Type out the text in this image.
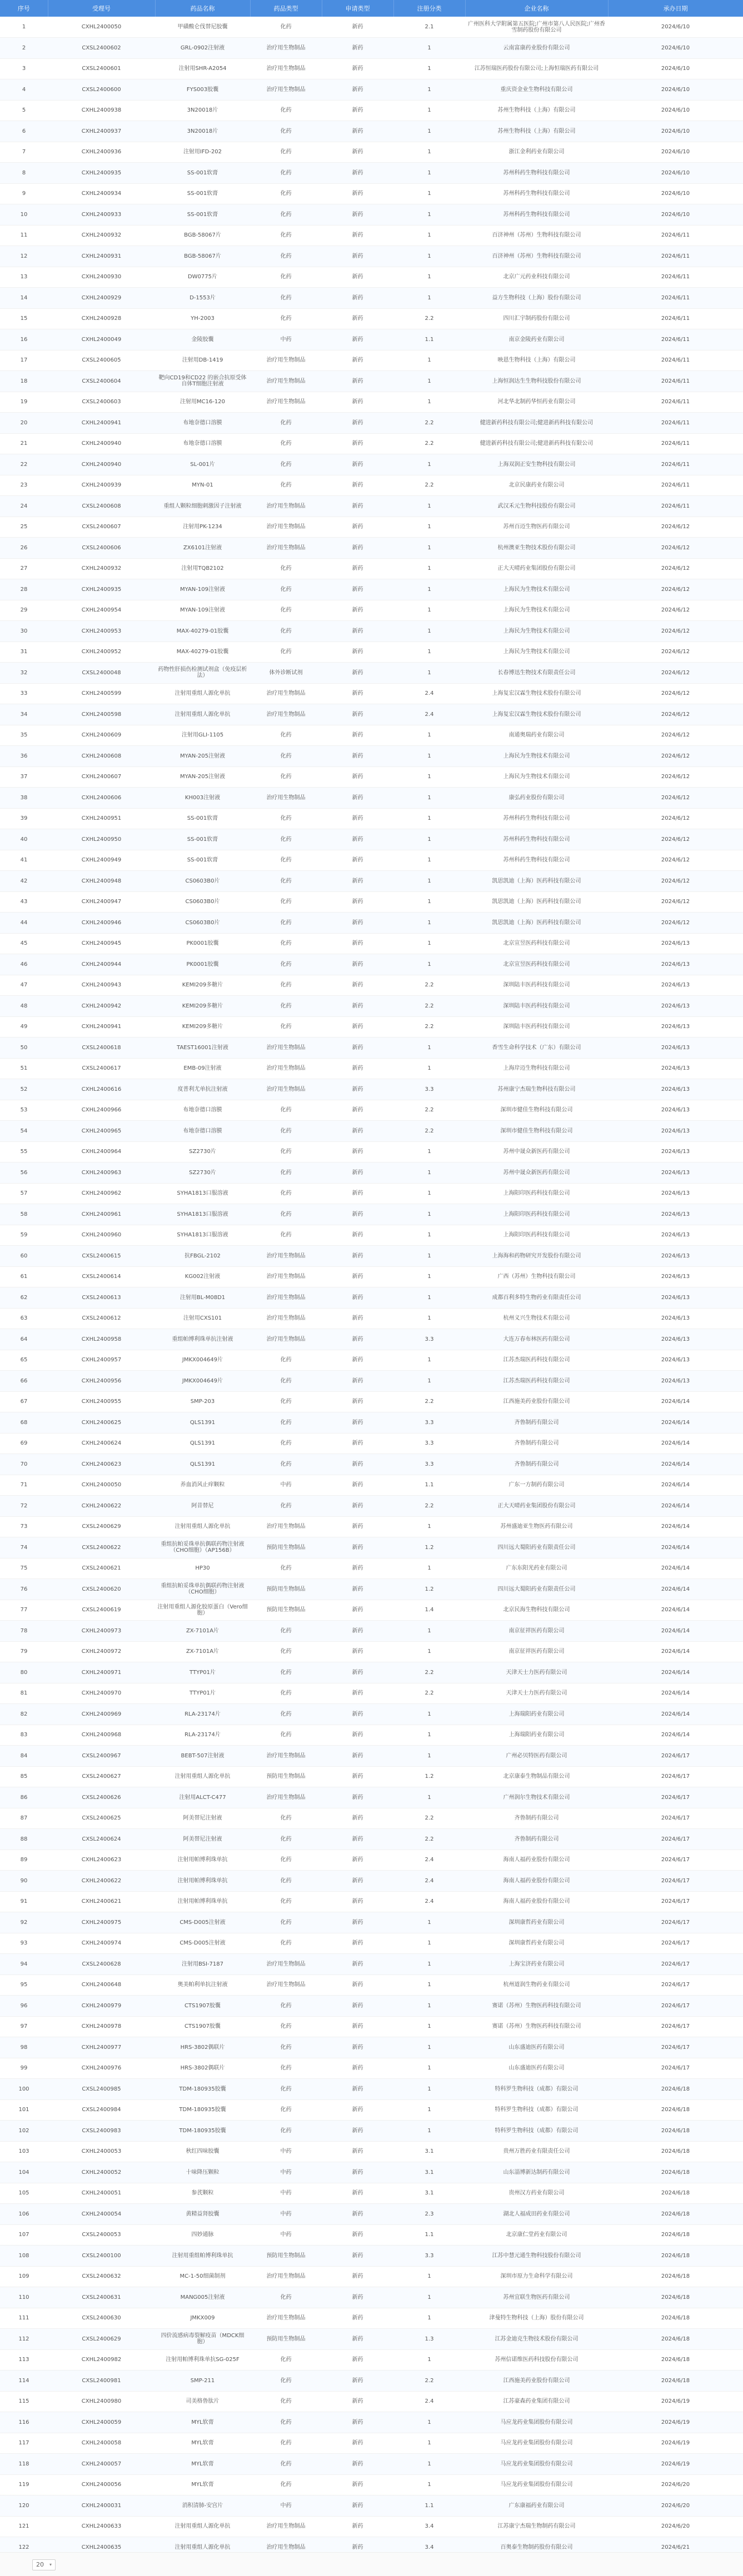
序号	受理号	药品名称	药品类型	申请类型	注册分类	企业名称	承办日期
1	CXHL2400050	甲磺酸仑伐替尼胶囊	化药	新药	2.1	广州医科大学附属第五医院;广州市第八人民医院;广州香雪制药股份有限公司	2024/6/10
2	CXSL2400602	GRL-0902注射液	治疗用生物制品	新药	1	云南富康药业股份有限公司	2024/6/10
3	CXSL2400601	注射用SHR-A2054	治疗用生物制品	新药	1	江苏恒瑞医药股份有限公司;上海恒瑞医药有限公司	2024/6/10
4	CXSL2400600	FYS003胶囊	治疗用生物制品	新药	1	重庆资金业生物科技有限公司	2024/6/10
5	CXHL2400938	3N20018片	化药	新药	1	苏州生物科技（上海）有限公司	2024/6/10
6	CXHL2400937	3N20018片	化药	新药	1	苏州生物科技（上海）有限公司	2024/6/10
7	CXHL2400936	注射用IFD-202	化药	新药	1	浙江金利药业有限公司	2024/6/10
8	CXHL2400935	SS-001软膏	化药	新药	1	苏州科药生物科技有限公司	2024/6/10
9	CXHL2400934	SS-001软膏	化药	新药	1	苏州科药生物科技有限公司	2024/6/10
10	CXHL2400933	SS-001软膏	化药	新药	1	苏州科药生物科技有限公司	2024/6/10
11	CXHL2400932	BGB-58067片	化药	新药	1	百济神州（苏州）生物科技有限公司	2024/6/11
12	CXHL2400931	BGB-58067片	化药	新药	1	百济神州（苏州）生物科技有限公司	2024/6/11
13	CXHL2400930	DW0775片	化药	新药	1	北京广元药业科技有限公司	2024/6/11
14	CXHL2400929	D-1553片	化药	新药	1	益方生物科技（上海）股份有限公司	2024/6/11
15	CXHL2400928	YH-2003	化药	新药	2.2	四川汇宇制药股份有限公司	2024/6/11
16	CXHL2400049	金陵胶囊	中药	新药	1.1	南京金陵药业有限公司	2024/6/11
17	CXSL2400605	注射用DB-1419	治疗用生物制品	新药	1	映恩生物科技（上海）有限公司	2024/6/11
18	CXSL2400604	靶向CD19和CD22 的嵌合抗原受体自体T细胞注射液	治疗用生物制品	新药	1	上海恒润达生生物科技股份有限公司	2024/6/11
19	CXSL2400603	注射用MC16-120	治疗用生物制品	新药	1	河北华北制药华恒药业有限公司	2024/6/11
20	CXHL2400941	布地奈德口溶膜	化药	新药	2.2	健进新药科技有限公司;健进新药科技有限公司	2024/6/11
21	CXHL2400940	布地奈德口溶膜	化药	新药	2.2	健进新药科技有限公司;健进新药科技有限公司	2024/6/11
22	CXHL2400940	SL-001片	化药	新药	1	上海双润正安生物科技有限公司	2024/6/11
23	CXHL2400939	MYN-01	化药	新药	2.2	北京民康药业有限公司	2024/6/11
24	CXSL2400608	重组人颗粒细胞刺激因子注射液	治疗用生物制品	新药	1	武汉禾元生物科技股份有限公司	2024/6/11
25	CXSL2400607	注射用PK-1234	治疗用生物制品	新药	1	苏州百迈生物医药有限公司	2024/6/12
26	CXSL2400606	ZX6101注射液	治疗用生物制品	新药	1	杭州澳亚生物技术股份有限公司	2024/6/12
27	CXHL2400932	注射用TQB2102	化药	新药	1	正大天晴药业集团股份有限公司	2024/6/12
28	CXHL2400935	MYAN-109注射液	化药	新药	1	上海民为生物技术有限公司	2024/6/12
29	CXHL2400954	MYAN-109注射液	化药	新药	1	上海民为生物技术有限公司	2024/6/12
30	CXHL2400953	MAX-40279-01胶囊	化药	新药	1	上海民为生物技术有限公司	2024/6/12
31	CXHL2400952	MAX-40279-01胶囊	化药	新药	1	上海民为生物技术有限公司	2024/6/12
32	CXSL2400048	药物性肝损伤检测试剂盒（免疫层析法）	体外诊断试剂	新药	1	长春博迅生物技术有限责任公司	2024/6/12
33	CXHL2400599	注射用重组人源化单抗	治疗用生物制品	新药	2.4	上海复宏汉霖生物技术股份有限公司	2024/6/12
34	CXHL2400598	注射用重组人源化单抗	治疗用生物制品	新药	2.4	上海复宏汉霖生物技术股份有限公司	2024/6/12
35	CXHL2400609	注射用GLI-1105	化药	新药	1	南通奥瑞药业有限公司	2024/6/12
36	CXHL2400608	MYAN-205注射液	化药	新药	1	上海民为生物技术有限公司	2024/6/12
37	CXHL2400607	MYAN-205注射液	化药	新药	1	上海民为生物技术有限公司	2024/6/12
38	CXHL2400606	KH003注射液	治疗用生物制品	新药	1	康弘药业股份有限公司	2024/6/12
39	CXHL2400951	SS-001软膏	化药	新药	1	苏州科药生物科技有限公司	2024/6/12
40	CXHL2400950	SS-001软膏	化药	新药	1	苏州科药生物科技有限公司	2024/6/12
41	CXHL2400949	SS-001软膏	化药	新药	1	苏州科药生物科技有限公司	2024/6/12
42	CXHL2400948	CS0603B0片	化药	新药	1	凯思凯迪（上海）医药科技有限公司	2024/6/12
43	CXHL2400947	CS0603B0片	化药	新药	1	凯思凯迪（上海）医药科技有限公司	2024/6/12
44	CXHL2400946	CS0603B0片	化药	新药	1	凯思凯迪（上海）医药科技有限公司	2024/6/12
45	CXHL2400945	PK0001胶囊	化药	新药	1	北京宣昱医药科技有限公司	2024/6/13
46	CXHL2400944	PK0001胶囊	化药	新药	1	北京宣昱医药科技有限公司	2024/6/13
47	CXHL2400943	KEMI209多糖片	化药	新药	2.2	深圳陆丰医药科技有限公司	2024/6/13
48	CXHL2400942	KEMI209多糖片	化药	新药	2.2	深圳陆丰医药科技有限公司	2024/6/13
49	CXHL2400941	KEMI209多糖片	化药	新药	2.2	深圳陆丰医药科技有限公司	2024/6/13
50	CXSL2400618	TAEST16001注射液	治疗用生物制品	新药	1	香雪生命科学技术（广东）有限公司	2024/6/13
51	CXSL2400617	EMB-09注射液	治疗用生物制品	新药	1	上海岸迈生物科技有限公司	2024/6/13
52	CXHL2400616	度普利尤单抗注射液	治疗用生物制品	新药	3.3	苏州康宁杰瑞生物科技有限公司	2024/6/13
53	CXHL2400966	布地奈德口溶膜	化药	新药	2.2	深圳市健佳生物科技有限公司	2024/6/13
54	CXHL2400965	布地奈德口溶膜	化药	新药	2.2	深圳市健佳生物科技有限公司	2024/6/13
55	CXHL2400964	SZ2730片	化药	新药	1	苏州中晟众新医药有限公司	2024/6/13
56	CXHL2400963	SZ2730片	化药	新药	1	苏州中晟众新医药有限公司	2024/6/13
57	CXHL2400962	SYHA1813口服溶液	化药	新药	1	上海阳印医药科技有限公司	2024/6/13
58	CXHL2400961	SYHA1813口服溶液	化药	新药	1	上海阳印医药科技有限公司	2024/6/13
59	CXHL2400960	SYHA1813口服溶液	化药	新药	1	上海阳印医药科技有限公司	2024/6/13
60	CXSL2400615	抗FBGL-2102	治疗用生物制品	新药	1	上海海和药物研究开发股份有限公司	2024/6/13
61	CXSL2400614	KG002注射液	治疗用生物制品	新药	1	广西（苏州）生物科技有限公司	2024/6/13
62	CXSL2400613	注射用BL-M08D1	治疗用生物制品	新药	1	成都百利多特生物药业有限责任公司	2024/6/13
63	CXSL2400612	注射用CXS101	治疗用生物制品	新药	1	杭州义兴生物技术有限公司	2024/6/13
64	CXHL2400958	重组帕博利珠单抗注射液	治疗用生物制品	新药	3.3	大连万春布林医药有限公司	2024/6/13
65	CXHL2400957	JMKX004649片	化药	新药	1	江苏杰瑞医药科技有限公司	2024/6/13
66	CXHL2400956	JMKX004649片	化药	新药	1	江苏杰瑞医药科技有限公司	2024/6/13
67	CXHL2400955	SMP-203	化药	新药	2.2	江西施美药业股份有限公司	2024/6/14
68	CXHL2400625	QLS1391	化药	新药	3.3	齐鲁制药有限公司	2024/6/14
69	CXHL2400624	QLS1391	化药	新药	3.3	齐鲁制药有限公司	2024/6/14
70	CXHL2400623	QLS1391	化药	新药	3.3	齐鲁制药有限公司	2024/6/14
71	CXHL2400050	养血消风止痒颗粒	中药	新药	1.1	广东一方制药有限公司	2024/6/14
72	CXHL2400622	阿昔替尼	化药	新药	2.2	正大天晴药业集团股份有限公司	2024/6/14
73	CXSL2400629	注射用重组人源化单抗	治疗用生物制品	新药	1	苏州盛迪亚生物医药有限公司	2024/6/14
74	CXSL2400622	重组抗帕妥珠单抗偶联药物注射液（CHO细胞）（AP156B）	预防用生物制品	新药	1.2	四川远大蜀阳药业有限责任公司	2024/6/14
75	CXSL2400621	HP30	化药	新药	1	广东东阳光药业有限公司	2024/6/14
76	CXSL2400620	重组抗帕妥珠单抗偶联药物注射液（CHO细胞）	预防用生物制品	新药	1.2	四川远大蜀阳药业有限责任公司	2024/6/14
77	CXSL2400619	注射用重组人源化胶原蛋白（Vero细胞）	预防用生物制品	新药	1.4	北京民海生物科技有限公司	2024/6/14
78	CXHL2400973	ZX-7101A片	化药	新药	1	南京征祥医药有限公司	2024/6/14
79	CXHL2400972	ZX-7101A片	化药	新药	1	南京征祥医药有限公司	2024/6/14
80	CXHL2400971	TTYP01片	化药	新药	2.2	天津天士力医药有限公司	2024/6/14
81	CXHL2400970	TTYP01片	化药	新药	2.2	天津天士力医药有限公司	2024/6/14
82	CXHL2400969	RLA-23174片	化药	新药	1	上海瑞阳药业有限公司	2024/6/14
83	CXHL2400968	RLA-23174片	化药	新药	1	上海瑞阳药业有限公司	2024/6/14
84	CXSL2400967	BEBT-507注射液	治疗用生物制品	新药	1	广州必贝特医药有限公司	2024/6/17
85	CXSL2400627	注射用重组人源化单抗	预防用生物制品	新药	1.2	北京康泰生物制品有限公司	2024/6/17
86	CXSL2400626	注射用ALCT-C477	治疗用生物制品	新药	1	广州润尔生物技术有限公司	2024/6/17
87	CXSL2400625	阿美替尼注射液	化药	新药	2.2	齐鲁制药有限公司	2024/6/17
88	CXSL2400624	阿美替尼注射液	化药	新药	2.2	齐鲁制药有限公司	2024/6/17
89	CXHL2400623	注射用帕博利珠单抗	化药	新药	2.4	海南人福药业股份有限公司	2024/6/17
90	CXHL2400622	注射用帕博利珠单抗	化药	新药	2.4	海南人福药业股份有限公司	2024/6/17
91	CXHL2400621	注射用帕博利珠单抗	化药	新药	2.4	海南人福药业股份有限公司	2024/6/17
92	CXHL2400975	CMS-D005注射液	化药	新药	1	深圳康哲药业有限公司	2024/6/17
93	CXHL2400974	CMS-D005注射液	化药	新药	1	深圳康哲药业有限公司	2024/6/17
94	CXSL2400628	注射用BSI-7187	治疗用生物制品	新药	1	上海宝济药业有限公司	2024/6/17
95	CXHL2400648	奥美帕利单抗注射液	治疗用生物制品	新药	1	杭州道润生物药业有限公司	2024/6/17
96	CXHL2400979	CTS1907胶囊	化药	新药	1	赛诺（苏州）生物医药科技有限公司	2024/6/17
97	CXHL2400978	CTS1907胶囊	化药	新药	1	赛诺（苏州）生物医药科技有限公司	2024/6/17
98	CXHL2400977	HRS-3802偶联片	化药	新药	1	山东盛迪医药有限公司	2024/6/17
99	CXHL2400976	HRS-3802偶联片	化药	新药	1	山东盛迪医药有限公司	2024/6/17
100	CXSL2400985	TDM-180935胶囊	化药	新药	1	特科罗生物科技（成都）有限公司	2024/6/18
101	CXSL2400984	TDM-180935胶囊	化药	新药	1	特科罗生物科技（成都）有限公司	2024/6/18
102	CXSL2400983	TDM-180935胶囊	化药	新药	1	特科罗生物科技（成都）有限公司	2024/6/18
103	CXHL2400053	秋红四味胶囊	中药	新药	3.1	贵州万胜药业有限责任公司	2024/6/18
104	CXHL2400052	十味降压颗粒	中药	新药	3.1	山东淄博新达制药有限公司	2024/6/18
105	CXHL2400051	参芪颗粒	中药	新药	3.1	贵州汉方药业有限公司	2024/6/18
106	CXHL2400054	黄精益肾胶囊	中药	新药	2.3	湖北人福成田药业有限公司	2024/6/18
107	CXSL2400053	四妙通脉	中药	新药	1.1	北京康仁堂药业有限公司	2024/6/18
108	CXSL2400100	注射用重组帕博利珠单抗	预防用生物制品	新药	3.3	江苏中慧元通生物科技股份有限公司	2024/6/18
109	CXSL2400632	MC-1-50细菌制剂	治疗用生物制品	新药	1	深圳市原力生命科学有限公司	2024/6/18
110	CXSL2400631	MANG005注射液	化药	新药	1	苏州宜联生物医药有限公司	2024/6/18
111	CXSL2400630	JMKX009	治疗用生物制品	新药	1	津曼特生物科技（上海）股份有限公司	2024/6/18
112	CXSL2400629	四价流感病毒裂解疫苗（MDCK细胞）	预防用生物制品	新药	1.3	江苏金迪克生物技术股份有限公司	2024/6/18
113	CXHL2400982	注射用帕博利珠单抗SG-025F	化药	新药	1	苏州信诺维医药科技股份有限公司	2024/6/18
114	CXSL2400981	SMP-211	化药	新药	2.2	江西施美药业股份有限公司	2024/6/18
115	CXHL2400980	司美格鲁肽片	化药	新药	2.4	江苏豪森药业集团有限公司	2024/6/19
116	CXHL2400059	MYL软膏	化药	新药	1	马应龙药业集团股份有限公司	2024/6/19
117	CXHL2400058	MYL软膏	化药	新药	1	马应龙药业集团股份有限公司	2024/6/19
118	CXHL2400057	MYL软膏	化药	新药	1	马应龙药业集团股份有限公司	2024/6/19
119	CXHL2400056	MYL软膏	化药	新药	1	马应龙药业集团股份有限公司	2024/6/20
120	CXHL2400031	消积清肺-安宫片	中药	新药	1.1	广东康福药业有限公司	2024/6/20
121	CXHL2400633	注射用重组人源化单抗	治疗用生物制品	新药	3.4	江苏康宁杰瑞生物制药有限公司	2024/6/20
122	CXHL2400635	注射用重组人源化单抗	治疗用生物制品	新药	3.4	百奥泰生物制药股份有限公司	2024/6/21

20 ▾
